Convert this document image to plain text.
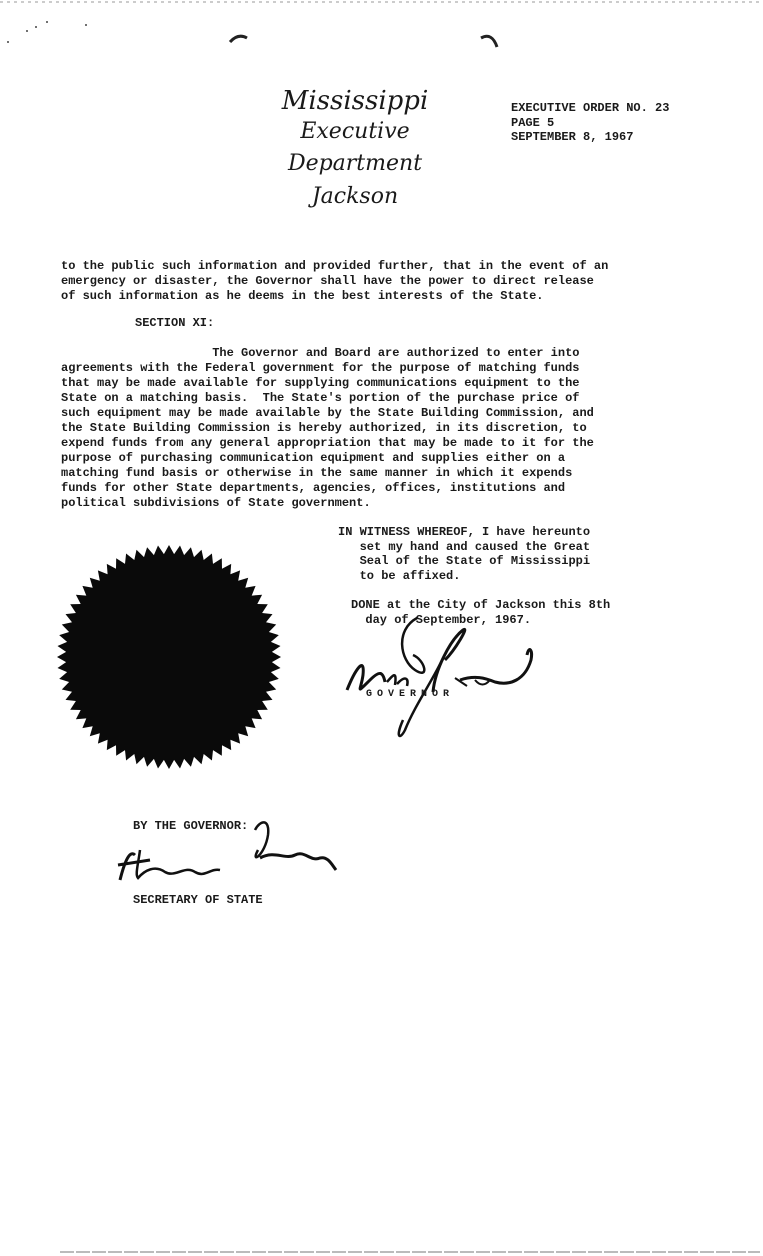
Mississippi
Executive Department
Jackson
EXECUTIVE ORDER NO. 23
PAGE 5
SEPTEMBER 8, 1967
to the public such information and provided further, that in the event of an
emergency or disaster, the Governor shall have the power to direct release
of such information as he deems in the best interests of the State.
SECTION XI:
The Governor and Board are authorized to enter into
agreements with the Federal government for the purpose of matching funds
that may be made available for supplying communications equipment to the
State on a matching basis.  The State's portion of the purchase price of
such equipment may be made available by the State Building Commission, and
the State Building Commission is hereby authorized, in its discretion, to
expend funds from any general appropriation that may be made to it for the
purpose of purchasing communication equipment and supplies either on a
matching fund basis or otherwise in the same manner in which it expends
funds for other State departments, agencies, offices, institutions and
political subdivisions of State government.
IN WITNESS WHEREOF, I have hereunto
set my hand and caused the Great
Seal of the State of Mississippi
to be affixed.
DONE at the City of Jackson this 8th
day of September, 1967.
GOVERNOR
BY THE GOVERNOR:
SECRETARY OF STATE
